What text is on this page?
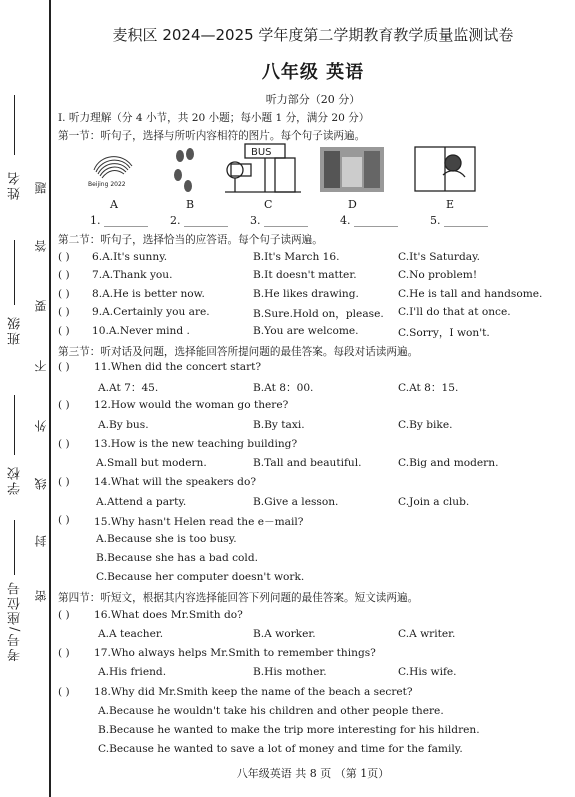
姓名
班级
学校
考号/座位号
题
答
要
不
外
线
封
密
麦积区 2024—2025 学年度第二学期教育教学质量监测试卷
八年级 英语
听力部分（20 分）
I. 听力理解（分 4 小节，共 20 小题；每小题 1 分，满分 20 分）
第一节：听句子，选择与所听内容相符的图片。每个句子读两遍。
Beijing 2022
BUS
A	B	C	D	E
1. ________ 2. ________ 3. ________	4. ________	5. ________
第二节：听句子，选择恰当的应答语。每个句子读两遍。
( ) 6.A.It's sunny.	B.It's March 16.	C.It's Saturday.
( ) 7.A.Thank you.	B.It doesn't matter.	C.No problem!
( ) 8.A.He is better now.	B.He likes drawing.	C.He is tall and handsome.
( ) 9.A.Certainly you are.	B.Sure.Hold on，please. C.I'll do that at once.
( ) 10.A.Never mind .	B.You are welcome.	C.Sorry，I won't.
第三节：听对话及问题，选择能回答所提问题的最佳答案。每段对话读两遍。
( ) 11.When did the concert start?
A.At 7：45.	B.At 8：00.	C.At 8：15.
( ) 12.How would the woman go there?
A.By bus.	B.By taxi.	C.By bike.
( ) 13.How is the new teaching building?
A.Small but modern.	B.Tall and beautiful.	C.Big and modern.
( ) 14.What will the speakers do?
A.Attend a party.	B.Give a lesson.	C.Join a club.
( ) 15.Why hasn't Helen read the e－mail?
A.Because she is too busy.
B.Because she has a bad cold.
C.Because her computer doesn't work.
第四节：听短文，根据其内容选择能回答下列问题的最佳答案。短文读两遍。
( ) 16.What does Mr.Smith do?
A.A teacher.	B.A worker.	C.A writer.
( ) 17.Who always helps Mr.Smith to remember things?
A.His friend.	B.His mother.	C.His wife.
( ) 18.Why did Mr.Smith keep the name of the beach a secret?
A.Because he wouldn't take his children and other people there.
B.Because he wanted to make the trip more interesting for his hildren.
C.Because he wanted to save a lot of money and time for the family.
八年级英语 共 8 页 （第 1页）
